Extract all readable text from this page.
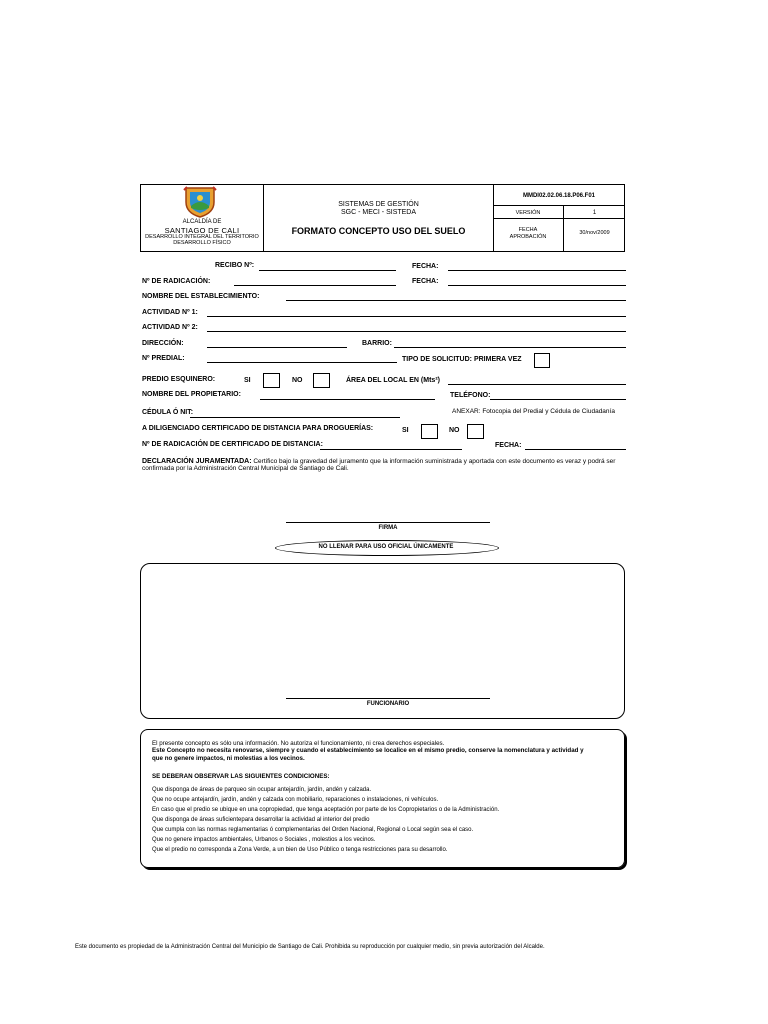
ALCALDÍA DE
SANTIAGO DE CALI
DESARROLLO INTEGRAL DEL TERRITORIO
DESARROLLO FÍSICO
SISTEMAS DE GESTIÓN
SGC - MECI - SISTEDA
FORMATO CONCEPTO USO DEL SUELO
MMDI02.02.06.18.P06.F01
VERSIÓN	1
FECHA
APROBACIÓN
30/nov/2009
RECIBO Nº:	FECHA:
Nº DE RADICACIÓN:	FECHA:
NOMBRE DEL ESTABLECIMIENTO:
ACTIVIDAD Nº 1:
ACTIVIDAD Nº 2:
DIRECCIÓN:	BARRIO:
Nº PREDIAL:	TIPO DE SOLICITUD: PRIMERA VEZ
PREDIO ESQUINERO:	SI	NO	ÁREA DEL LOCAL EN (Mts²)
NOMBRE DEL PROPIETARIO:	TELÉFONO:
CÉDULA Ó NIT:	ANEXAR: Fotocopia del Predial y Cédula de Ciudadanía
A DILIGENCIADO CERTIFICADO DE DISTANCIA PARA DROGUERÍAS:	SI	NO
Nº DE RADICACIÓN DE CERTIFICADO DE DISTANCIA:	FECHA:
DECLARACIÓN JURAMENTADA: Certifico bajo la gravedad del juramento que la información suministrada y aportada con este documento es veraz y podrá ser
confirmada por la Administración Central Municipal de Santiago de Cali.
FIRMA
NO LLENAR PARA USO OFICIAL ÚNICAMENTE
FUNCIONARIO
El presente concepto es sólo una información. No autoriza el funcionamiento, ni crea derechos especiales.
Este Concepto no necesita renovarse, siempre y cuando el establecimiento se localice en el mismo predio, conserve la nomenclatura y actividad y
que no genere impactos, ni molestias a los vecinos.
SE DEBERAN OBSERVAR LAS SIGUIENTES CONDICIONES:
Que disponga de áreas de parqueo sin ocupar antejardín, jardín, andén y calzada.
Que no ocupe antejardín, jardín, andén y calzada con mobiliario, reparaciones o instalaciones, ni vehículos.
En caso que el predio se ubique en una copropiedad, que tenga aceptación por parte de los Copropietarios o de la Administración.
Que disponga de áreas suficientepara desarrollar la actividad al interior del predio
Que cumpla con las normas reglamentarias ó complementarias del Orden Nacional, Regional o Local según sea el caso.
Que no genere impactos ambientales, Urbanos o Sociales , molestios a los vecinos.
Que el predio no corresponda a Zona Verde, a un bien de Uso Público o tenga restricciones para su desarrollo.
Este documento es propiedad de la Administración Central del Municipio de Santiago de Cali. Prohibida su reproducción por cualquier medio, sin previa autorización del Alcalde.
